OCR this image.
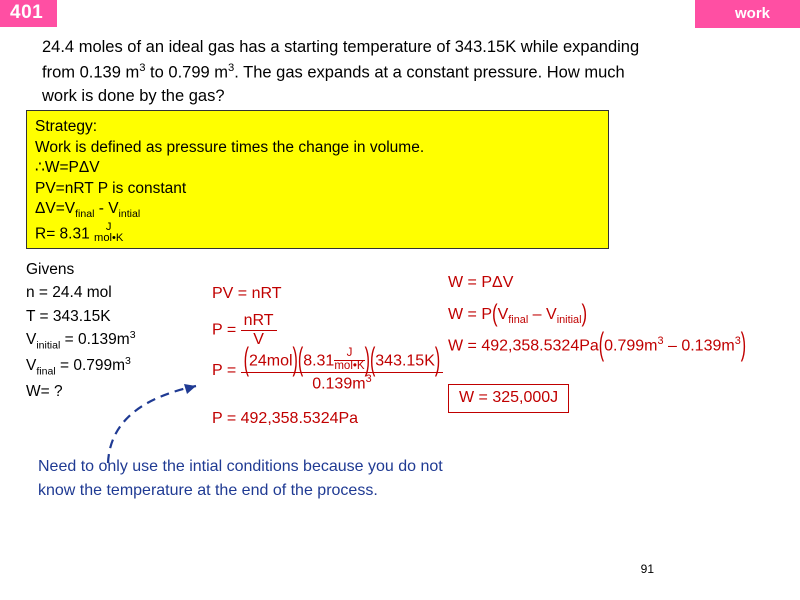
401	work
24.4 moles of an ideal gas has a starting temperature of 343.15K while expanding
from 0.139 $m^3$ to 0.799 $m^3$. The gas expands at a constant pressure. How much
work is done by the gas?
Strategy:
Work is defined as pressure times the change in volume.
∴W=PΔV
PV=nRT P is constant
$\Delta V=V_{final} - V_{intial}$
R= 8.31	J
mol•K
Givens
n = 24.4 mol
T = 343.15K
$V_{initial} = 0.139m^3$
$V_{final} = 0.799m^3$
W= ?
PV = nRT
$P = \frac{\text{nRT}}{V}$
$P = \frac{(24mol)(8.31 \frac{J}{\text{mol•K}} )(343.15K)}{0.139m^3}$
P = 492,358.5324Pa
W = PΔV
$W = P(V_{final} - V_{initial})$
$W = 492,358.5324Pa(0.799m^3 - 0.139m^3)$
W = 325,000J
Need to only use the intial conditions because you do not
know the temperature at the end of the process.
91
